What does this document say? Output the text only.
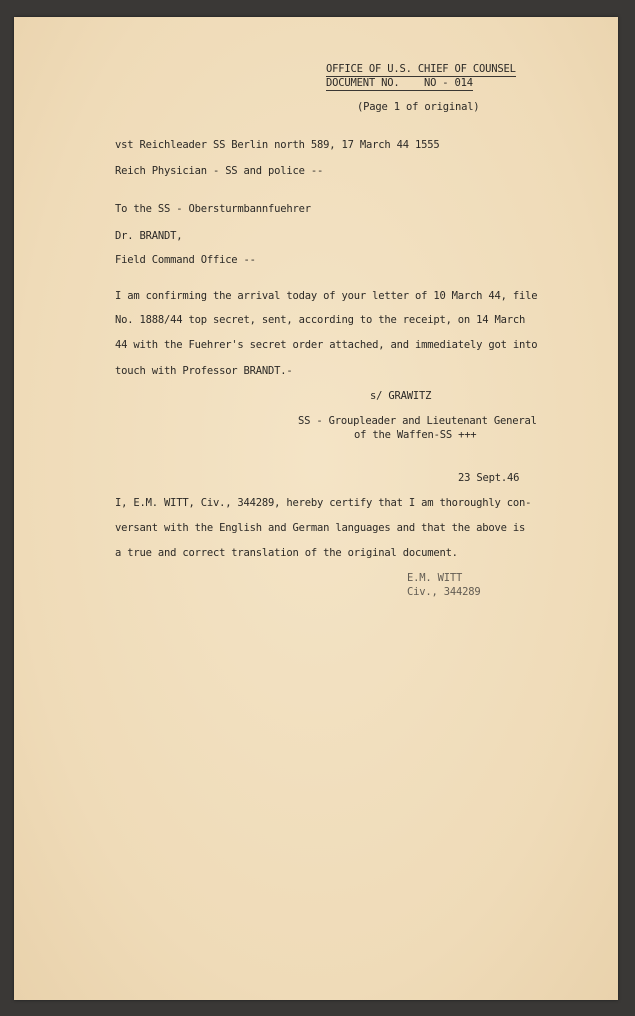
OFFICE OF U.S. CHIEF OF COUNSEL
DOCUMENT NO.    NO - 014
(Page 1 of original)
vst Reichleader SS Berlin north 589, 17 March 44 1555
Reich Physician - SS and police --
To the SS - Obersturmbannfuehrer
Dr. BRANDT,
Field Command Office --
I am confirming the arrival today of your letter of 10 March 44, file
No. 1888/44 top secret, sent, according to the receipt, on 14 March
44 with the Fuehrer's secret order attached, and immediately got into
touch with Professor BRANDT.-
s/ GRAWITZ
SS - Groupleader and Lieutenant General
of the Waffen-SS +++
23 Sept.46
I, E.M. WITT, Civ., 344289, hereby certify that I am thoroughly con-
versant with the English and German languages and that the above is
a true and correct translation of the original document.
E.M. WITT
Civ., 344289
